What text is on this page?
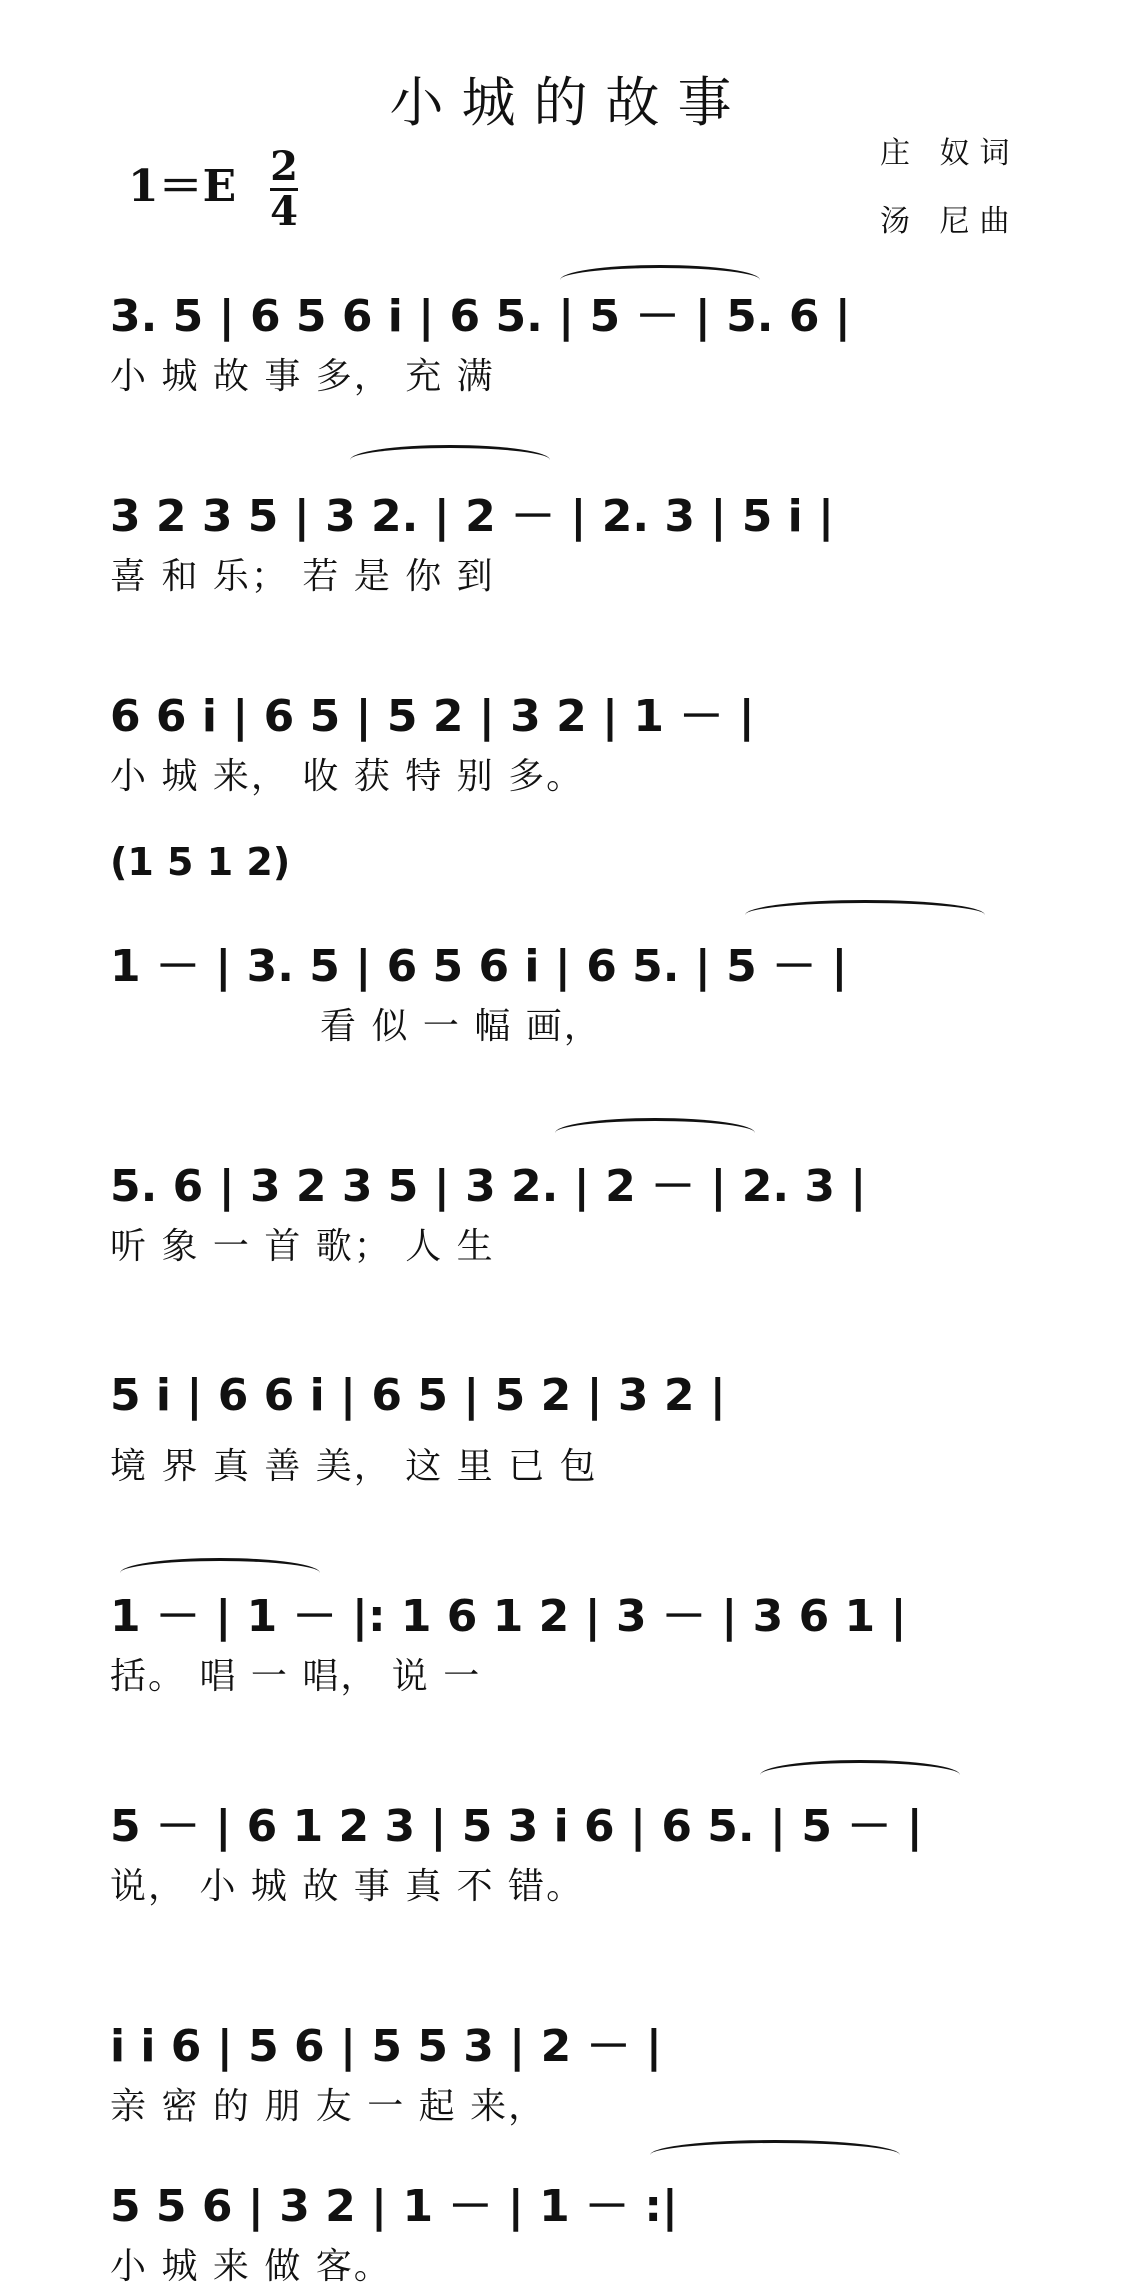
小城的故事
1＝E 2
4
庄 奴词
汤 尼曲
(1 5 1 2)
3. 5 | 6 5 6 i | 6 5. | 5 － | 5. 6 |
小 城 故 事 多， 充 满
3 2 3 5 | 3 2. | 2 － | 2. 3 | 5 i |
喜 和 乐； 若 是 你 到
6 6 i | 6 5 | 5 2 | 3 2 | 1 － |
小 城 来， 收 获 特 别 多。
1 － | 3. 5 | 6 5 6 i | 6 5. | 5 － |
看 似 一 幅 画，
5. 6 | 3 2 3 5 | 3 2. | 2 － | 2. 3 |
听 象 一 首 歌； 人 生
5 i | 6 6 i | 6 5 | 5 2 | 3 2 |
境 界 真 善 美， 这 里 已 包
1 － | 1 － |: 1 6 1 2 | 3 － | 3 6 1 |
括。 唱 一 唱， 说 一
5 － | 6 1 2 3 | 5 3 i 6 | 6 5. | 5 － |
说， 小 城 故 事 真 不 错。
i i 6 | 5 6 | 5 5 3 | 2 － |
亲 密 的 朋 友 一 起 来，
5 5 6 | 3 2 | 1 － | 1 － :|
小 城 来 做 客。
